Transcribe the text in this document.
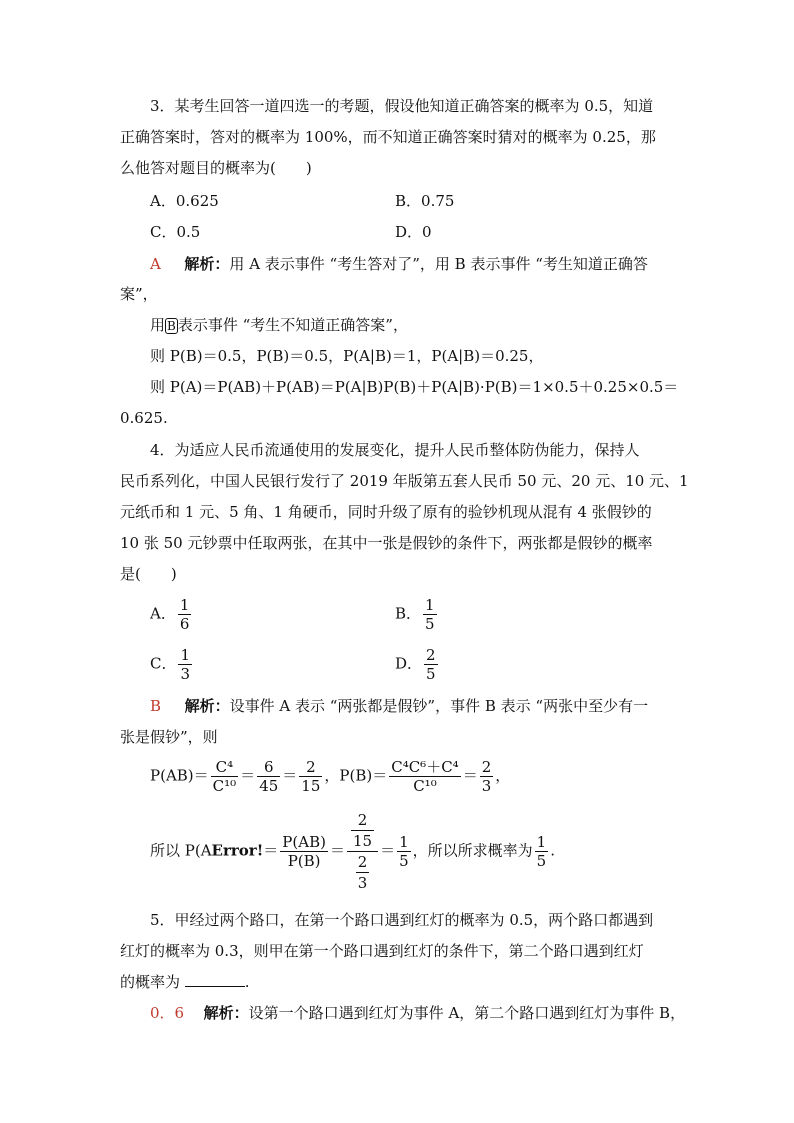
3．某考生回答一道四选一的考题，假设他知道正确答案的概率为 0.5，知道
正确答案时，答对的概率为 100%，而不知道正确答案时猜对的概率为 0.25，那
么他答对题目的概率为(　　)
A．0.625	B．0.75
C．0.5	D．0
A 解析：用 A 表示事件 “考生答对了”，用 B 表示事件 “考生知道正确答
案”，
用 B 表示事件 “考生不知道正确答案”，
则 P(B)＝0.5，P(B)＝0.5，P(A|B)＝1，P(A|B)＝0.25，
则 P(A)＝P(AB)＋P(AB)＝P(A|B)P(B)＋P(A|B)·P(B)＝1×0.5＋0.25×0.5＝
0.625.
4．为适应人民币流通使用的发展变化，提升人民币整体防伪能力，保持人
民币系列化，中国人民银行发行了 2019 年版第五套人民币 50 元、20 元、10 元、1
元纸币和 1 元、5 角、1 角硬币，同时升级了原有的验钞机现从混有 4 张假钞的
10 张 50 元钞票中任取两张，在其中一张是假钞的条件下，两张都是假钞的概率
是(　　)
A． $\frac{1}{6}$	B． $\frac{1}{5}$
C． $\frac{1}{3}$	D． $\frac{2}{5}$
B 解析：设事件 A 表示 “两张都是假钞”，事件 B 表示 “两张中至少有一
张是假钞”，则
$P(AB)= \frac{\text{C⁴}}{\text{C¹⁰}} = \frac{6}{45} = \frac{2}{15}$ ，$P(B)= \frac{\text{C⁴C⁶＋C⁴}}{\text{C¹⁰}} = \frac{2}{3}$ ，
所以 P(AError!＝ $\frac{P(AB)}{P(B)} = \frac{\frac{2}{15}}{\frac{2}{3}} = \frac{1}{5}$ ，所以所求概率为 $\frac{1}{5}$ .
5．甲经过两个路口，在第一个路口遇到红灯的概率为 0.5，两个路口都遇到
红灯的概率为 0.3，则甲在第一个路口遇到红灯的条件下，第二个路口遇到红灯
的概率为	.
0．6 解析：设第一个路口遇到红灯为事件 A，第二个路口遇到红灯为事件 B，
